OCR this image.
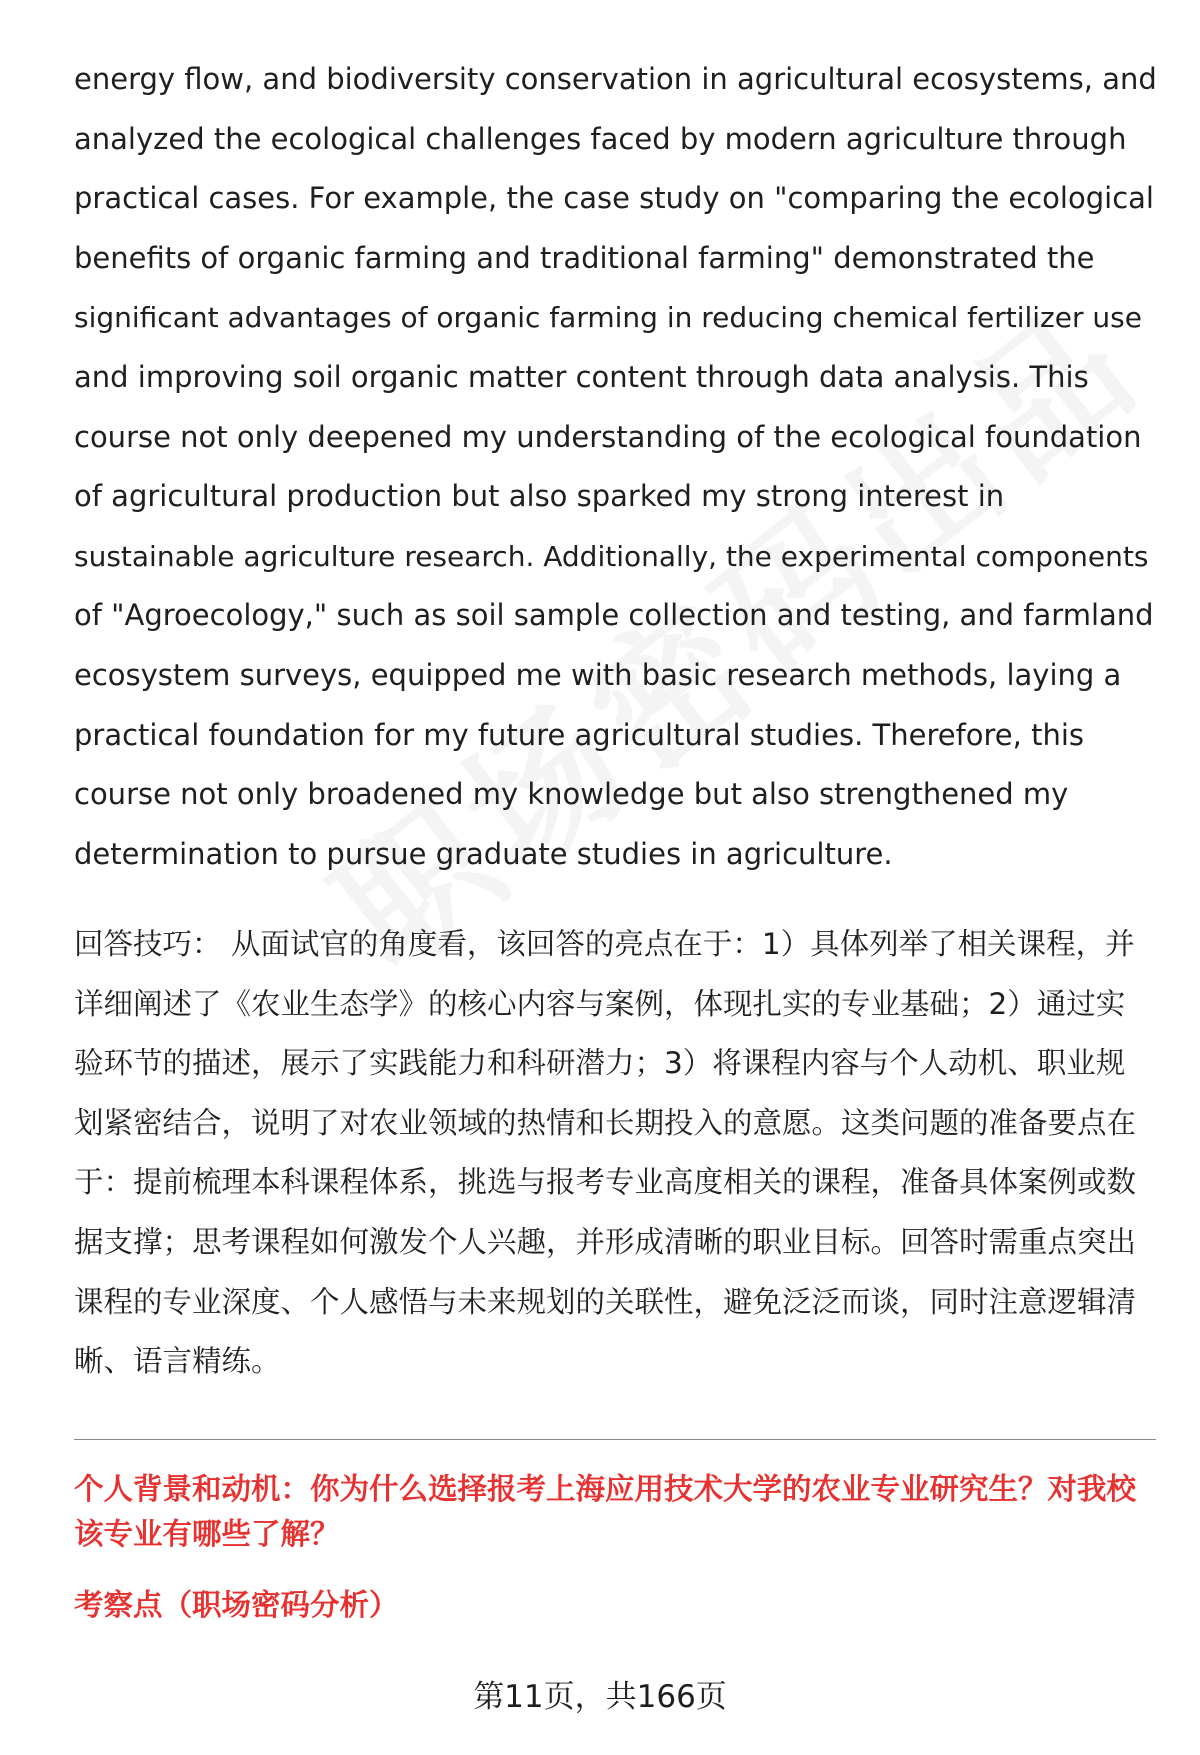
energy flow, and biodiversity conservation in agricultural ecosystems, and
analyzed the ecological challenges faced by modern agriculture through
practical cases. For example, the case study on "comparing the ecological
benefits of organic farming and traditional farming" demonstrated the
significant advantages of organic farming in reducing chemical fertilizer use
and improving soil organic matter content through data analysis. This
course not only deepened my understanding of the ecological foundation
of agricultural production but also sparked my strong interest in
sustainable agriculture research. Additionally, the experimental components
of "Agroecology," such as soil sample collection and testing, and farmland
ecosystem surveys, equipped me with basic research methods, laying a
practical foundation for my future agricultural studies. Therefore, this
course not only broadened my knowledge but also strengthened my
determination to pursue graduate studies in agriculture.

回答技巧： 从面试官的角度看，该回答的亮点在于：1）具体列举了相关课程，并
详细阐述了《农业生态学》的核心内容与案例，体现扎实的专业基础；2）通过实
验环节的描述，展示了实践能力和科研潜力；3）将课程内容与个人动机、职业规
划紧密结合，说明了对农业领域的热情和长期投入的意愿。这类问题的准备要点在
于：提前梳理本科课程体系，挑选与报考专业高度相关的课程，准备具体案例或数
据支撑；思考课程如何激发个人兴趣，并形成清晰的职业目标。回答时需重点突出
课程的专业深度、个人感悟与未来规划的关联性，避免泛泛而谈，同时注意逻辑清
晰、语言精练。

个人背景和动机：你为什么选择报考上海应用技术大学的农业专业研究生？对我校
该专业有哪些了解？
考察点（职场密码分析）
第11页，共166页
